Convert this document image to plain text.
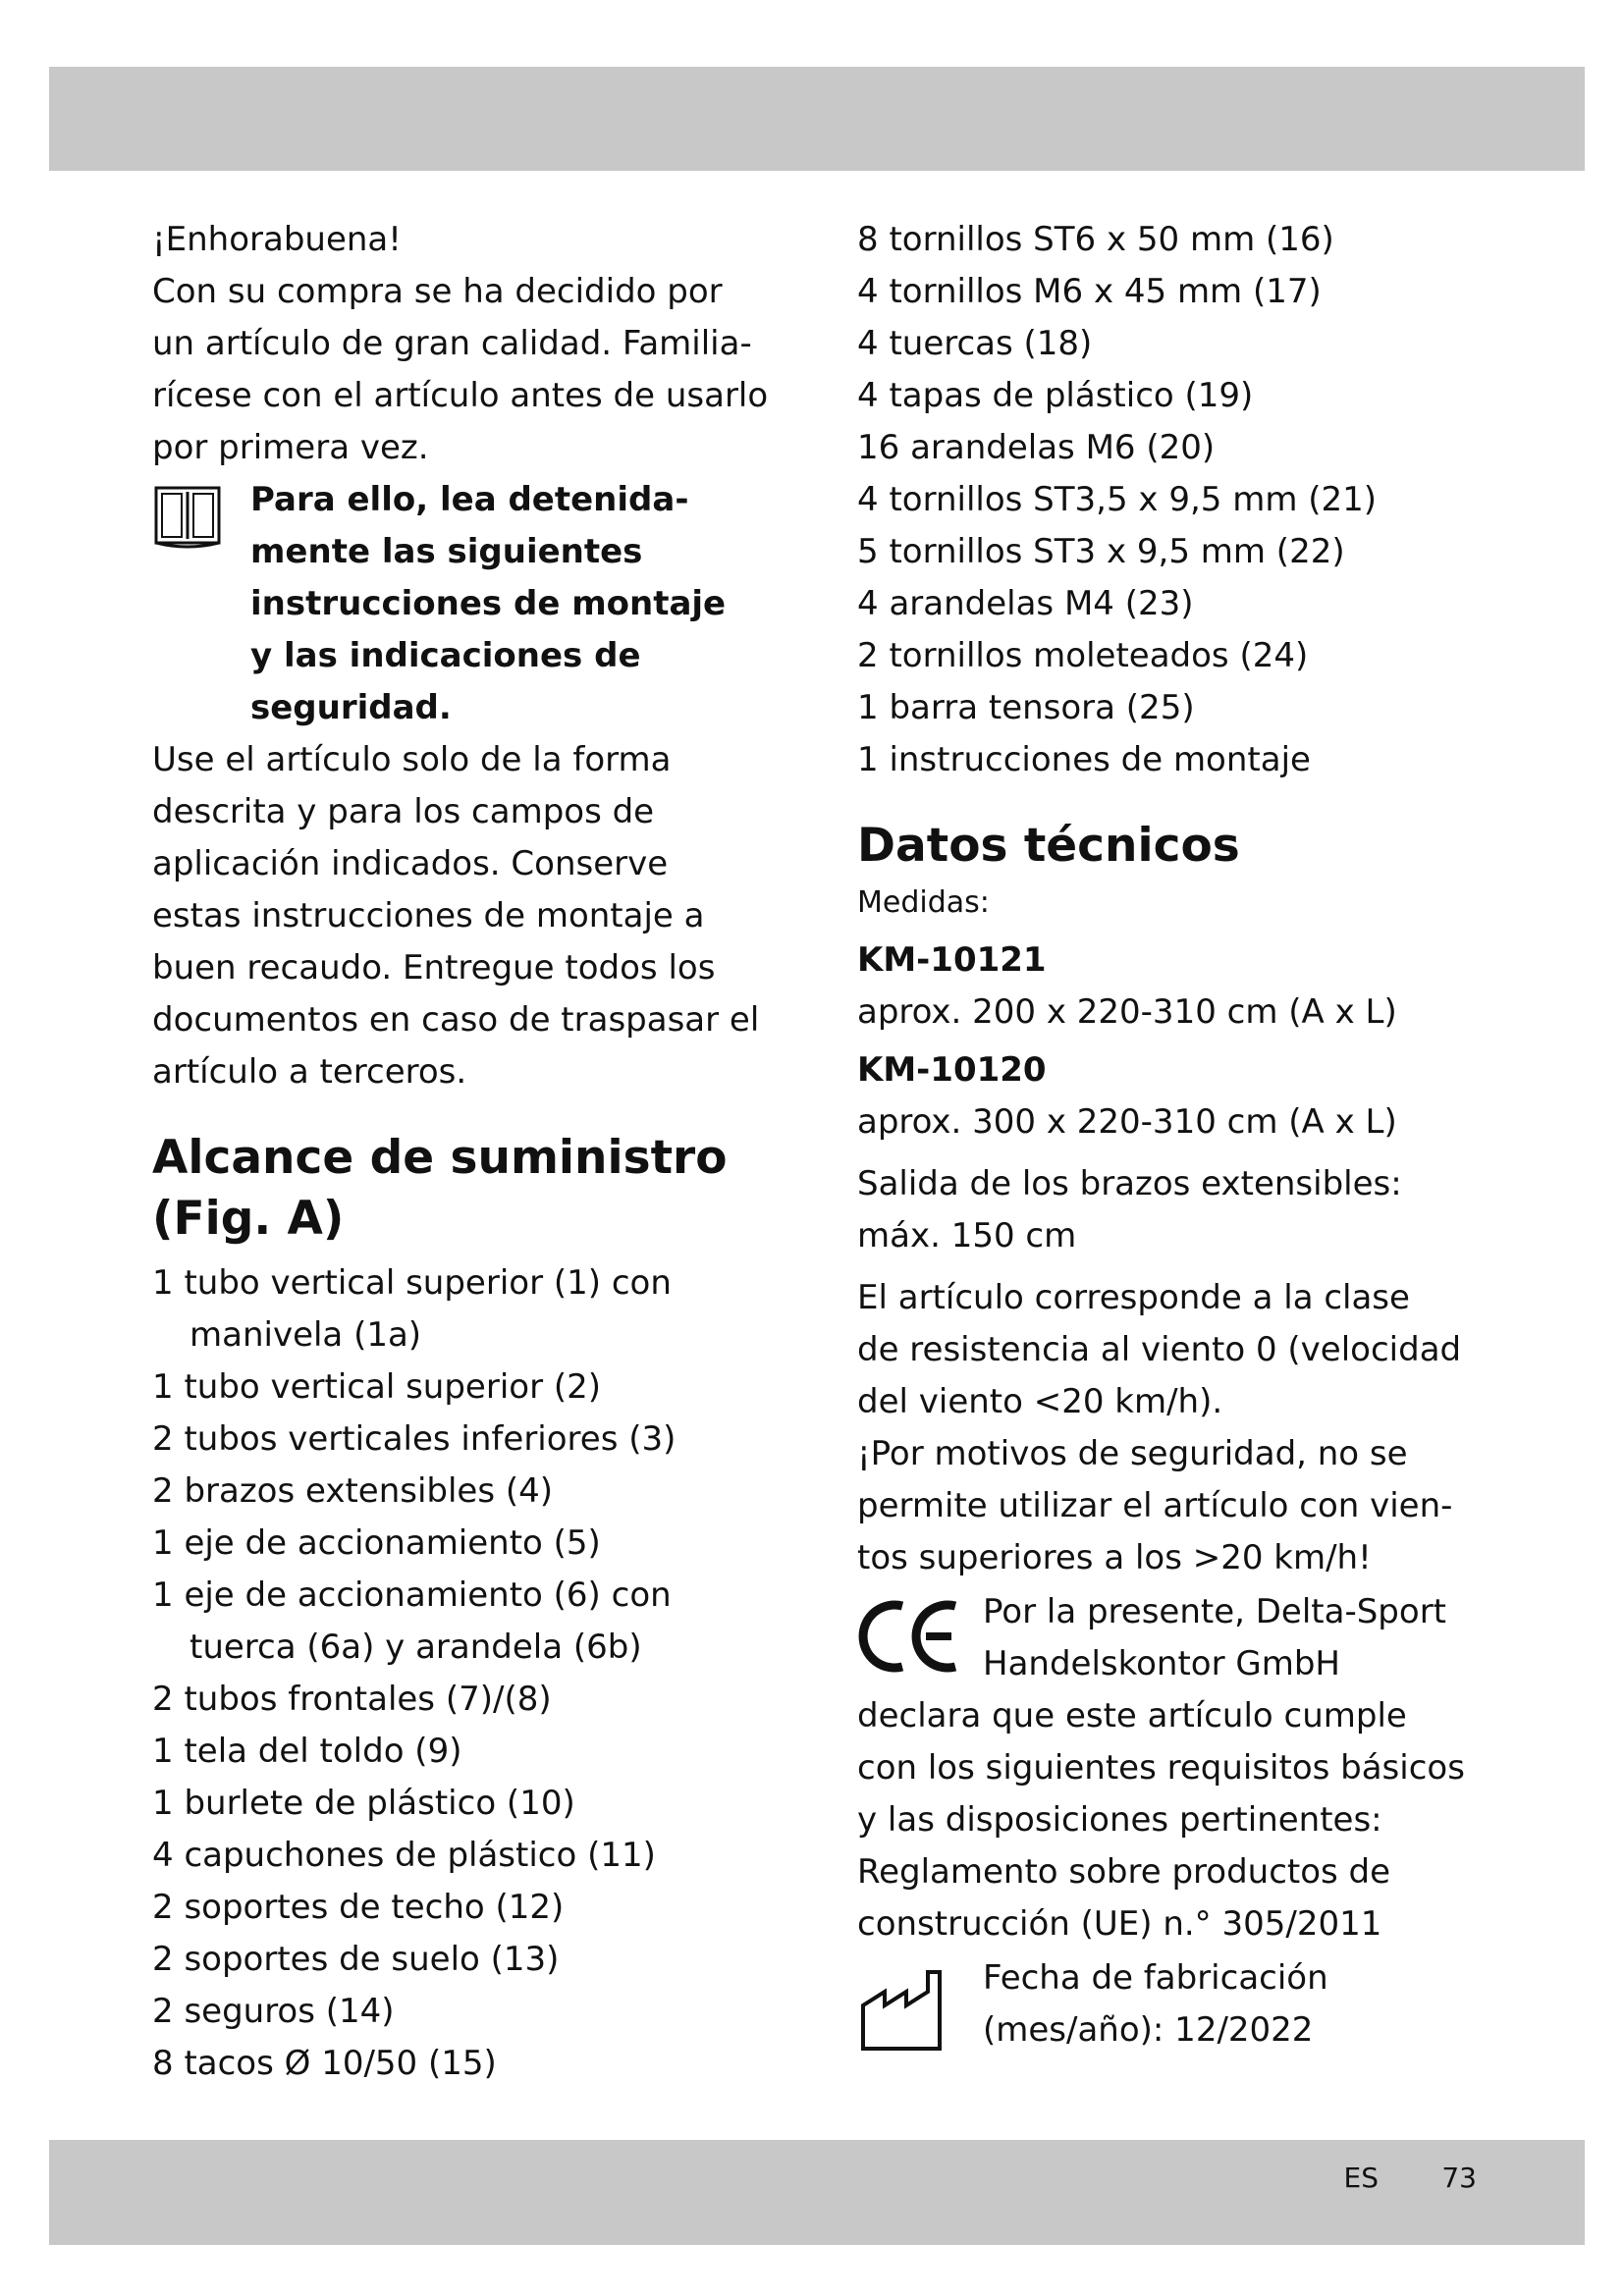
¡Enhorabuena!

Con su compra se ha decidido por

un artículo de gran calidad. Familia-

rícese con el artículo antes de usarlo

por primera vez.

Para ello, lea detenida-

mente las siguientes

instrucciones de montaje

y las indicaciones de

seguridad.

Use el artículo solo de la forma

descrita y para los campos de

aplicación indicados. Conserve

estas instrucciones de montaje a

buen recaudo. Entregue todos los

documentos en caso de traspasar el

artículo a terceros.

Alcance de suministro
(Fig. A)
1 tubo vertical superior (1) con
manivela (1a)
1 tubo vertical superior (2)
2 tubos verticales inferiores (3)
2 brazos extensibles (4)
1 eje de accionamiento (5)
1 eje de accionamiento (6) con
tuerca (6a) y arandela (6b)
2 tubos frontales (7)/(8)
1 tela del toldo (9)
1 burlete de plástico (10)
4 capuchones de plástico (11)
2 soportes de techo (12)
2 soportes de suelo (13)
2 seguros (14)
8 tacos Ø 10/50 (15)
8 tornillos ST6 x 50 mm (16)
4 tornillos M6 x 45 mm (17)
4 tuercas (18)
4 tapas de plástico (19)
16 arandelas M6 (20)
4 tornillos ST3,5 x 9,5 mm (21)
5 tornillos ST3 x 9,5 mm (22)
4 arandelas M4 (23)
2 tornillos moleteados (24)
1 barra tensora (25)
1 instrucciones de montaje
Datos técnicos

Medidas:

KM-10121

aprox. 200 x 220-310 cm (A x L)

KM-10120

aprox. 300 x 220-310 cm (A x L)

Salida de los brazos extensibles:

máx. 150 cm

El artículo corresponde a la clase

de resistencia al viento 0 (velocidad

del viento <20 km/h).

¡Por motivos de seguridad, no se

permite utilizar el artículo con vien-

tos superiores a los >20 km/h!

Por la presente, Delta-Sport

Handelskontor GmbH

declara que este artículo cumple

con los siguientes requisitos básicos

y las disposiciones pertinentes:

Reglamento sobre productos de

construcción (UE) n.° 305/2011

Fecha de fabricación

(mes/año): 12/2022

ES 73
